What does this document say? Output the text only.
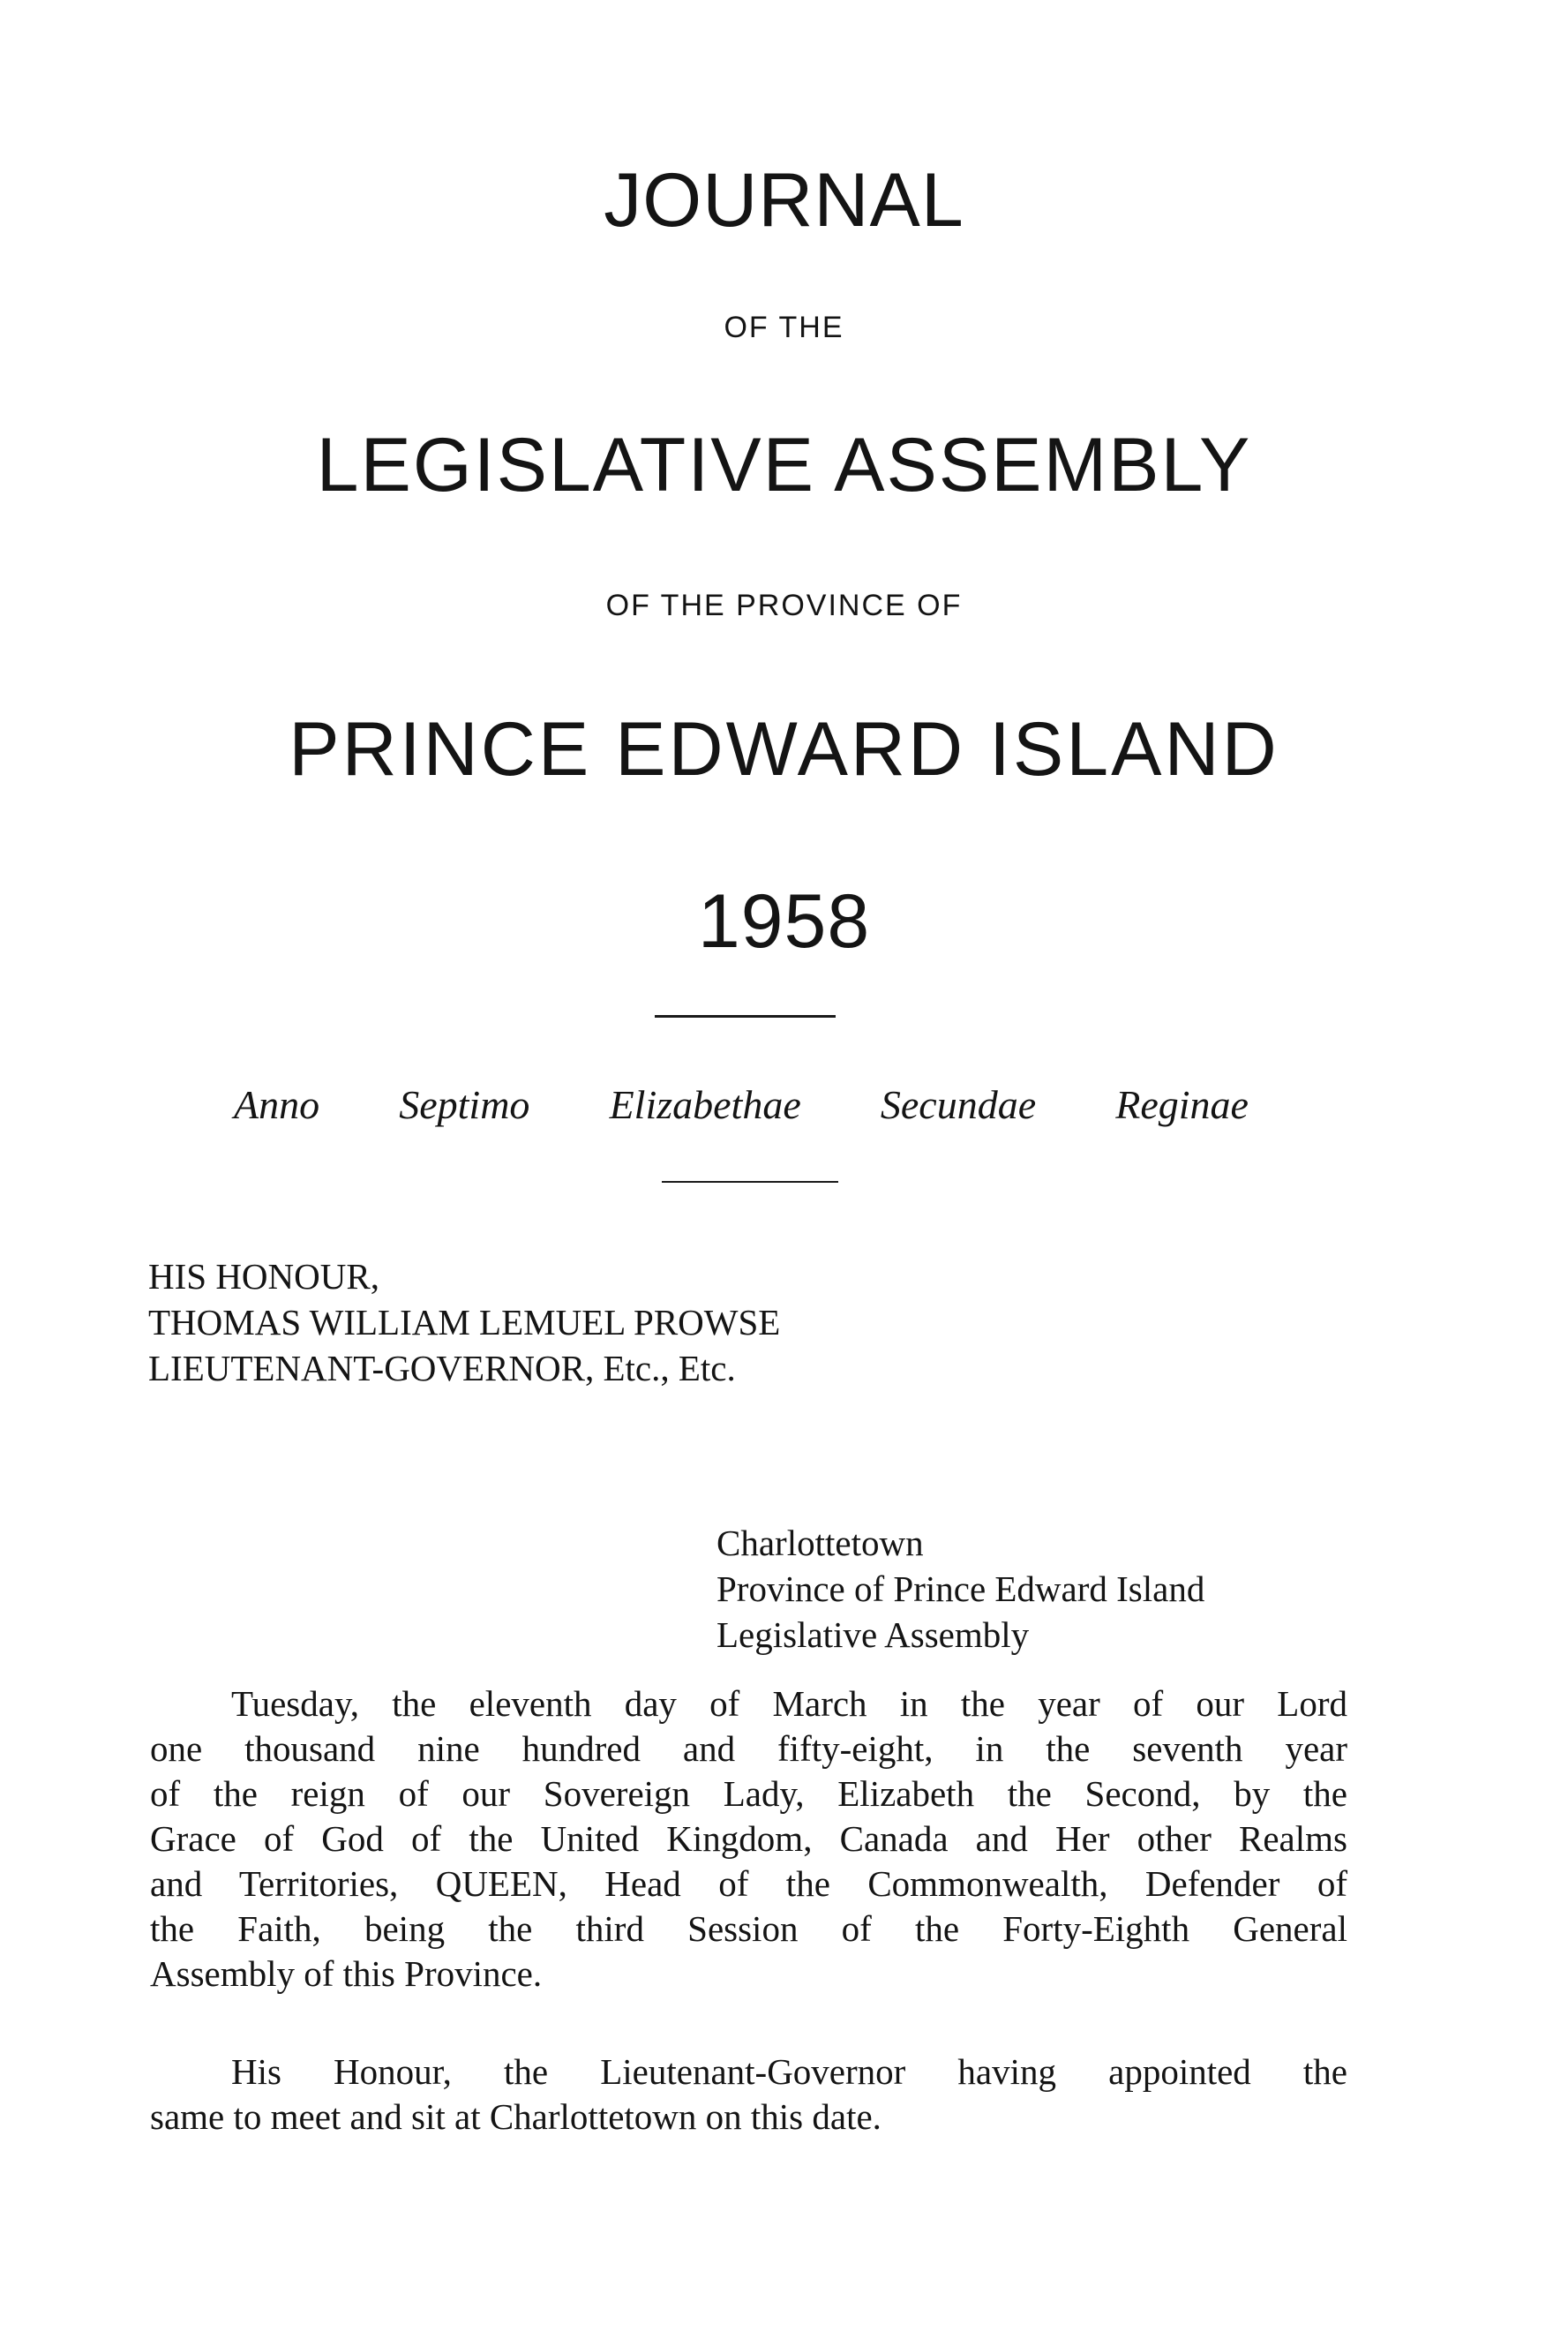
JOURNAL
OF THE
LEGISLATIVE ASSEMBLY
OF THE PROVINCE OF
PRINCE EDWARD ISLAND
1958
Anno Septimo Elizabethae Secundae Reginae
HIS HONOUR,
THOMAS WILLIAM LEMUEL PROWSE
LIEUTENANT-GOVERNOR, Etc., Etc.
Charlottetown
Province of Prince Edward Island
Legislative Assembly
Tuesday, the eleventh day of March in the year of our Lord
one thousand nine hundred and fifty-eight, in the seventh year
of the reign of our Sovereign Lady, Elizabeth the Second, by the
Grace of God of the United Kingdom, Canada and Her other Realms
and Territories, QUEEN, Head of the Commonwealth, Defender of
the Faith, being the third Session of the Forty-Eighth General
Assembly of this Province.
His Honour, the Lieutenant-Governor having appointed the
same to meet and sit at Charlottetown on this date.
